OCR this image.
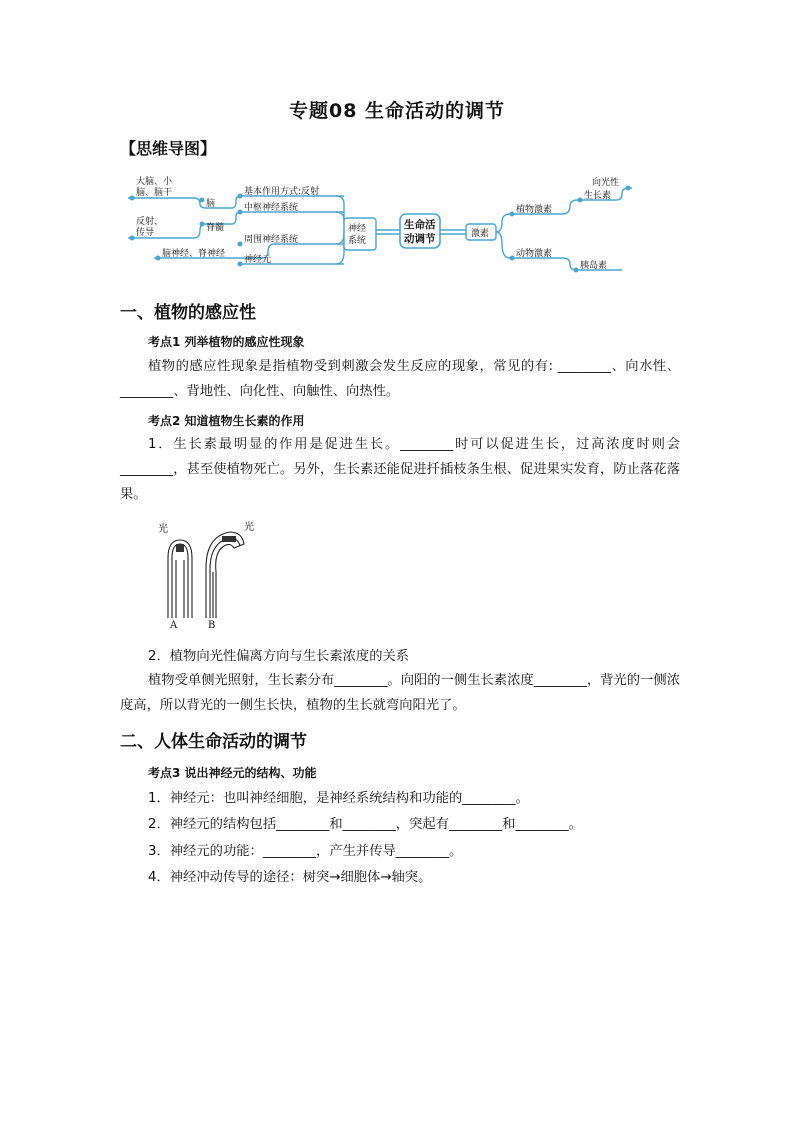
专题08 生命活动的调节
【思维导图】
大脑、小
脑、脑干
反射、
传导
脑
脊髓
脑神经、脊神经
基本作用方式:反射
中枢神经系统
周围神经系统
神经元
神经
系统
生命活
动调节	激素
植物激素
动物激素
生长素
向光性
胰岛素
一、植物的感应性
考点1 列举植物的感应性现象
植物的感应性现象是指植物受到刺激会发生反应的现象，常见的有: ________、向水性、________、背地性、向化性、向触性、向热性。
考点2 知道植物生长素的作用
1．生长素最明显的作用是促进生长。________时可以促进生长，过高浓度时则会________，甚至使植物死亡。另外，生长素还能促进扦插枝条生根、促进果实发育，防止落花落果。
光	光
A	B
2．植物向光性偏离方向与生长素浓度的关系
植物受单侧光照射，生长素分布________。向阳的一侧生长素浓度________，背光的一侧浓度高，所以背光的一侧生长快，植物的生长就弯向阳光了。
二、人体生命活动的调节
考点3 说出神经元的结构、功能
1．神经元：也叫神经细胞，是神经系统结构和功能的________。
2．神经元的结构包括________和________，突起有________和________。
3．神经元的功能：________，产生并传导________。
4．神经冲动传导的途径：树突→细胞体→轴突。
